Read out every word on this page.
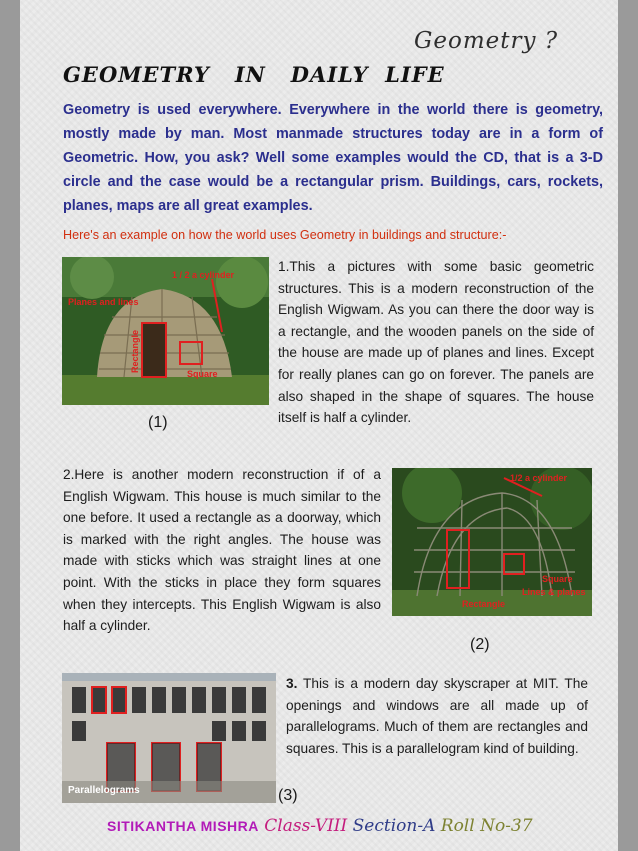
Geometry ?
GEOMETRY   IN   DAILY  LIFE
Geometry is used everywhere. Everywhere in the world there is geometry, mostly made by man. Most manmade structures today are in a form of Geometric. How, you ask? Well some examples would the CD, that is a 3-D circle and the case would be a rectangular prism. Buildings, cars, rockets, planes, maps are all great examples.
Here's an example on how the world uses Geometry in buildings and structure:-
1 / 2 a cylinder
Planes and lines
Square
Rectangle
(1)
1.This a pictures with some basic geometric structures. This is a modern reconstruction of the English Wigwam. As you can there the door way is a rectangle, and the wooden panels on the side of the house are made up of planes and lines. Except for really planes can go on forever. The panels are also shaped in the shape of squares. The house itself is half a cylinder.
2.Here is another modern reconstruction if of a English Wigwam. This house is much similar to the one before. It used a rectangle as a doorway, which is marked with the right angles. The house was made with sticks which was straight lines at one point. With the sticks in place they form squares when they intercepts. This English Wigwam is also half a cylinder.
1/2 a cylinder
Square
Lines & planes
Rectangle
(2)
Parallelograms
3. This is a modern day skyscraper at MIT. The openings and windows are all made up of parallelograms. Much of them are rectangles and squares. This is a parallelogram kind of building.
(3)
SITIKANTHA MISHRA Class-VIII Section-A Roll No-37
